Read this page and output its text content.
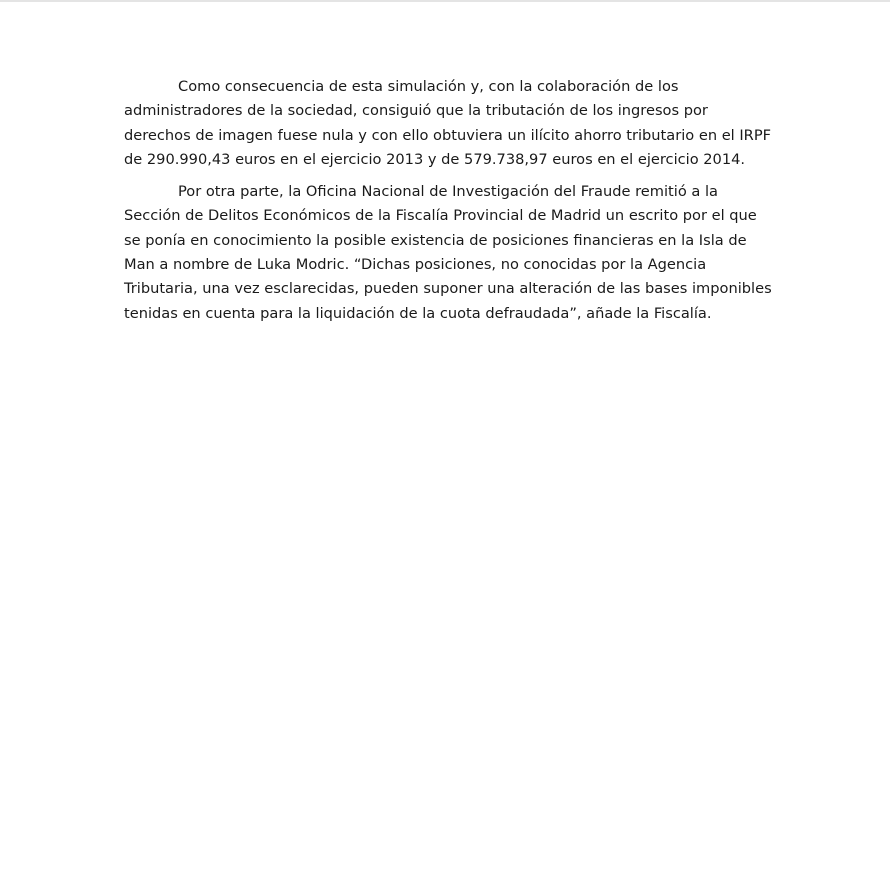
Como consecuencia de esta simulación y, con la colaboración de los administradores de la sociedad, consiguió que la tributación de los ingresos por derechos de imagen fuese nula y con ello obtuviera un ilícito ahorro tributario en el IRPF de 290.990,43 euros en el ejercicio 2013 y de 579.738,97 euros en el ejercicio 2014.

Por otra parte, la Oficina Nacional de Investigación del Fraude remitió a la Sección de Delitos Económicos de la Fiscalía Provincial de Madrid un escrito por el que se ponía en conocimiento la posible existencia de posiciones financieras en la Isla de Man a nombre de Luka Modric. “Dichas posiciones, no conocidas por la Agencia Tributaria, una vez esclarecidas, pueden suponer una alteración de las bases imponibles tenidas en cuenta para la liquidación de la cuota defraudada”, añade la Fiscalía.
